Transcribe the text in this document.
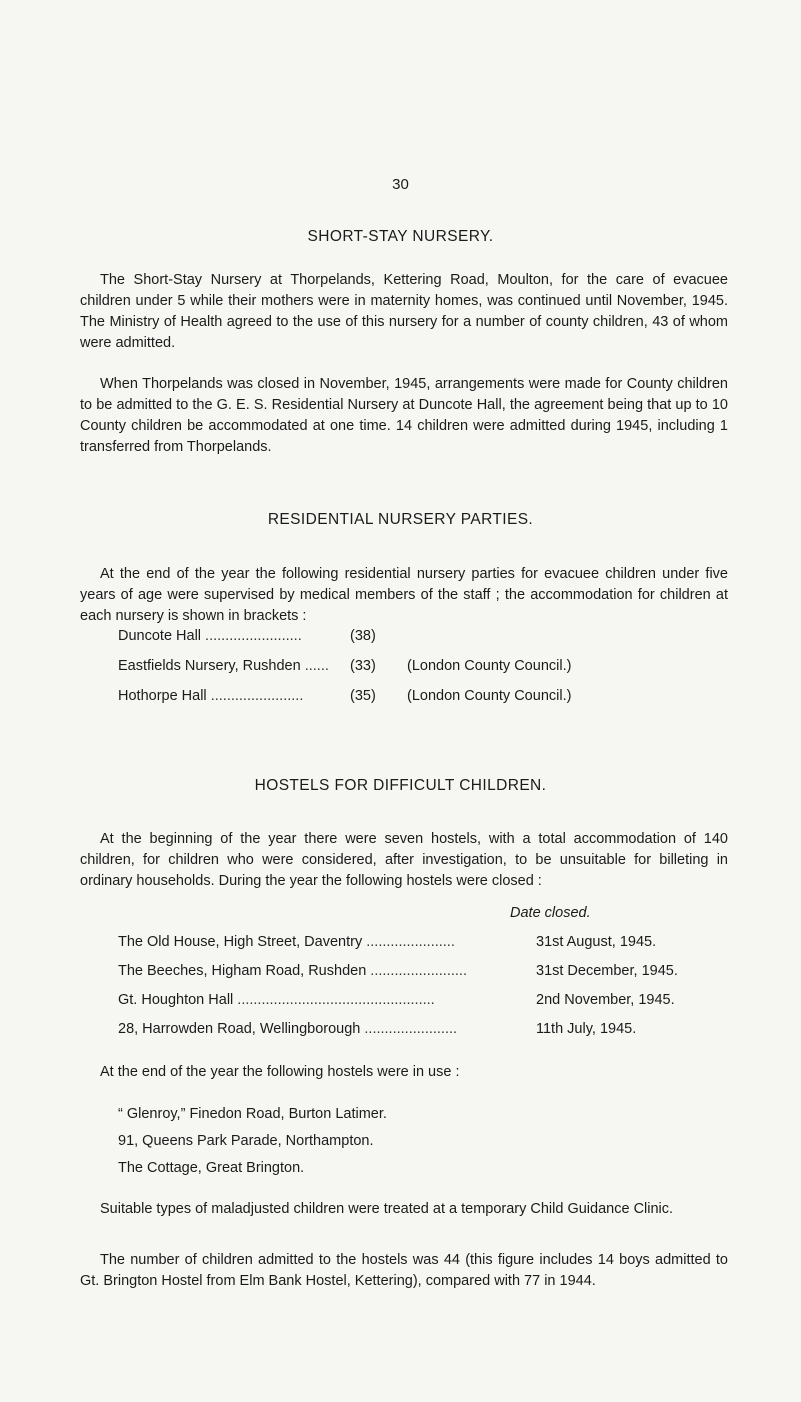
30
SHORT-STAY NURSERY.
The Short-Stay Nursery at Thorpelands, Kettering Road, Moulton, for the care of evacuee children under 5 while their mothers were in maternity homes, was continued until November, 1945. The Ministry of Health agreed to the use of this nursery for a number of county children, 43 of whom were admitted.
When Thorpelands was closed in November, 1945, arrangements were made for County children to be admitted to the G. E. S. Residential Nursery at Duncote Hall, the agreement being that up to 10 County children be accommodated at one time. 14 children were admitted during 1945, including 1 transferred from Thorpelands.
RESIDENTIAL NURSERY PARTIES.
At the end of the year the following residential nursery parties for evacuee children under five years of age were supervised by medical members of the staff ; the accommodation for children at each nursery is shown in brackets :
Duncote Hall ........................	(38)
Eastfields Nursery, Rushden ...... (33) (London County Council.)
Hothorpe Hall .......................	(35) (London County Council.)
HOSTELS FOR DIFFICULT CHILDREN.
At the beginning of the year there were seven hostels, with a total accommodation of 140 children, for children who were considered, after investigation, to be unsuitable for billeting in ordinary households. During the year the following hostels were closed :
Date closed.
The Old House, High Street, Daventry ......................	31st August, 1945.
The Beeches, Higham Road, Rushden ........................	31st December, 1945.
Gt. Houghton Hall .................................................	2nd November, 1945.
28, Harrowden Road, Wellingborough .......................	11th July, 1945.
At the end of the year the following hostels were in use :
“ Glenroy,” Finedon Road, Burton Latimer.
91, Queens Park Parade, Northampton.
The Cottage, Great Brington.
Suitable types of maladjusted children were treated at a temporary Child Guidance Clinic.
The number of children admitted to the hostels was 44 (this figure includes 14 boys admitted to Gt. Brington Hostel from Elm Bank Hostel, Kettering), compared with 77 in 1944.
